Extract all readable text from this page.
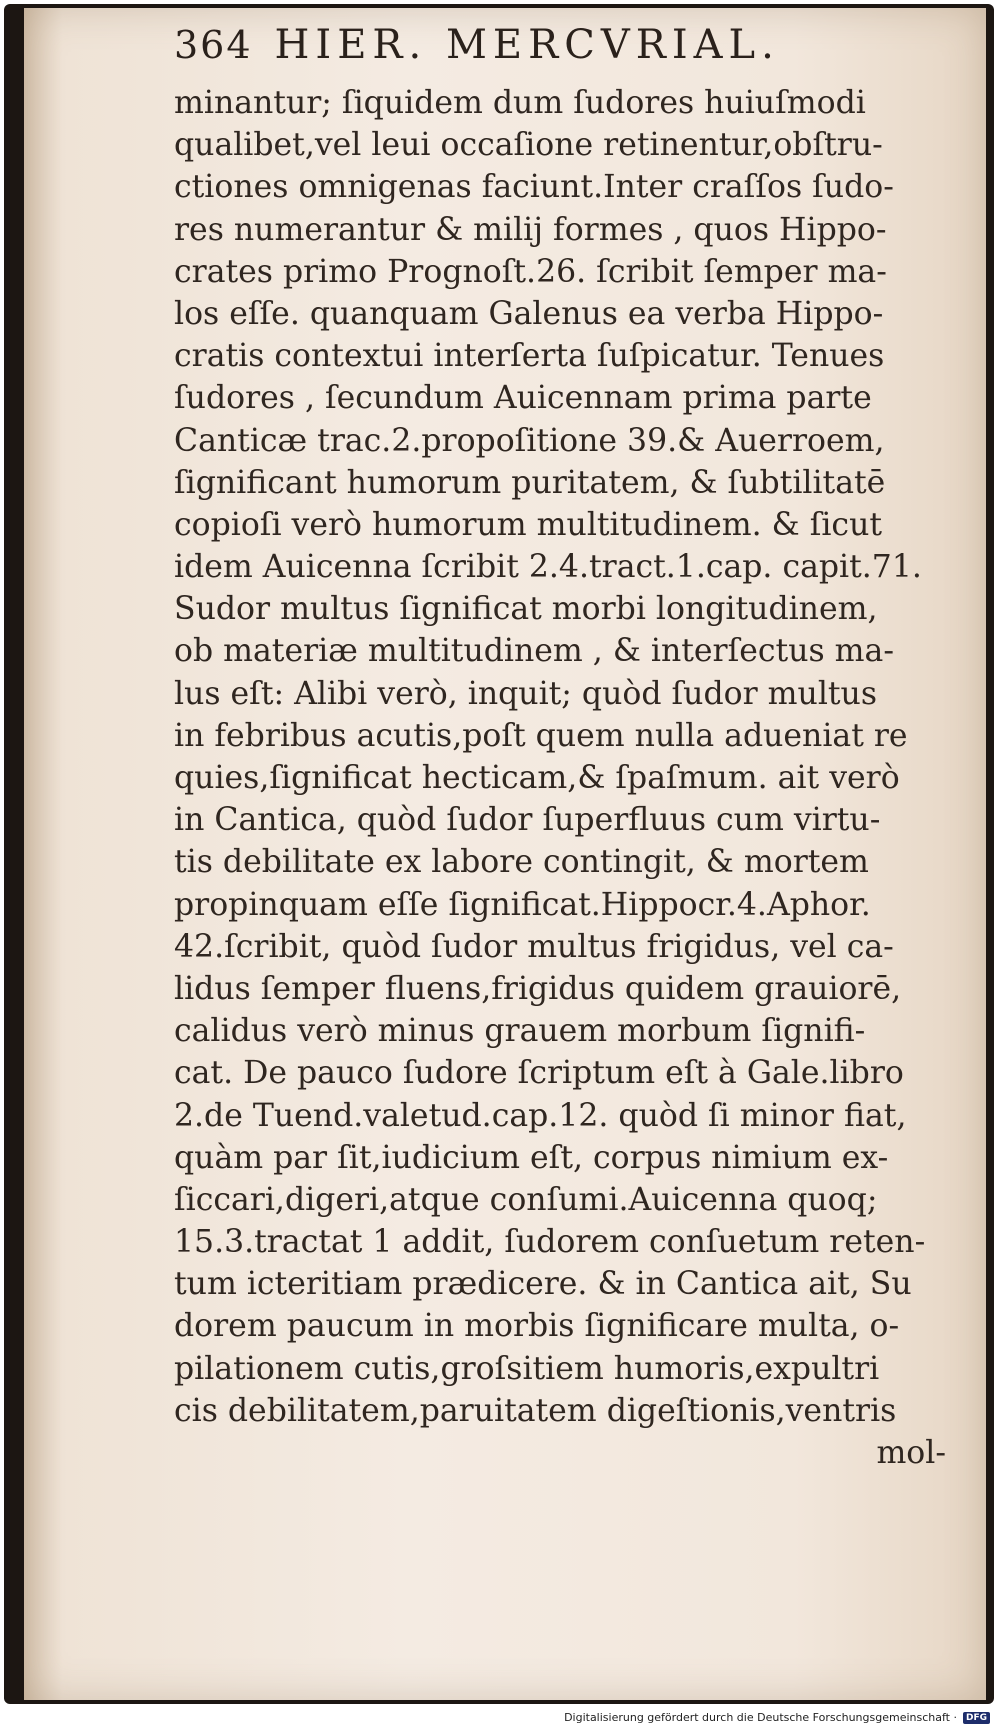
364 HIER. MERCVRIAL.
minantur; ſiquidem dum ſudores huiuſmodi
qualibet,vel leui occaſione retinentur,obſtru-
ctiones omnigenas faciunt.Inter craſſos ſudo-
res numerantur & milij formes , quos Hippo-
crates primo Prognoſt.26. ſcribit ſemper ma-
los eſſe. quanquam Galenus ea verba Hippo-
cratis contextui interſerta ſuſpicatur. Tenues
ſudores , ſecundum Auicennam prima parte
Canticæ trac.2.propoſitione 39.& Auerroem,
ſignificant humorum puritatem, & ſubtilitatē
copioſi verò humorum multitudinem. & ſicut
idem Auicenna ſcribit 2.4.tract.1.cap. capit.71.
Sudor multus ſignificat morbi longitudinem,
ob materiæ multitudinem , & interſectus ma-
lus eſt: Alibi verò, inquit; quòd ſudor multus
in febribus acutis,poſt quem nulla adueniat re
quies,ſignificat hecticam,& ſpaſmum. ait verò
in Cantica, quòd ſudor ſuperfluus cum virtu-
tis debilitate ex labore contingit, & mortem
propinquam eſſe ſignificat.Hippocr.4.Aphor.
42.ſcribit, quòd ſudor multus frigidus, vel ca-
lidus ſemper fluens,frigidus quidem grauiorē,
calidus verò minus grauem morbum ſignifi-
cat. De pauco ſudore ſcriptum eſt à Gale.libro
2.de Tuend.valetud.cap.12. quòd ſi minor fiat,
quàm par ſit,iudicium eſt, corpus nimium ex-
ſiccari,digeri,atque conſumi.Auicenna quoq;
15.3.tractat 1 addit, ſudorem conſuetum reten-
tum icteritiam prædicere. & in Cantica ait, Su
dorem paucum in morbis ſignificare multa, o-
pilationem cutis,groſsitiem humoris,expultri
cis debilitatem,paruitatem digeſtionis,ventris
mol-
Digitalisierung gefördert durch die Deutsche Forschungsgemeinschaft ·	DFG
